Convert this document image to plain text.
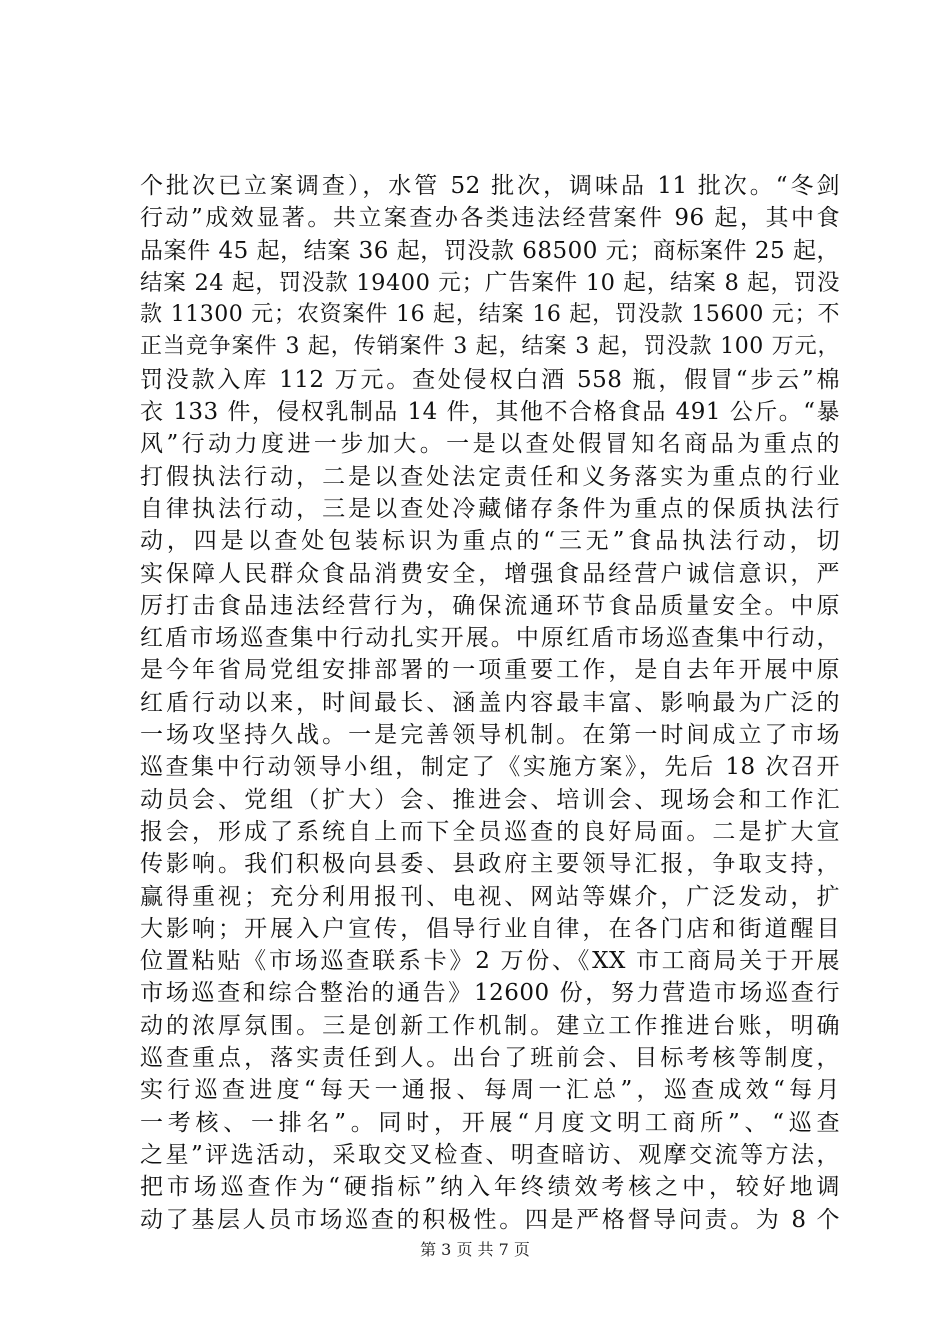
个批次已立案调查），水管 52 批次，调味品 11 批次。“冬剑
行动”成效显著。共立案查办各类违法经营案件 96 起，其中食
品案件 45 起，结案 36 起，罚没款 68500 元；商标案件 25 起，
结案 24 起，罚没款 19400 元；广告案件 10 起，结案 8 起，罚没
款 11300 元；农资案件 16 起，结案 16 起，罚没款 15600 元；不
正当竞争案件 3 起，传销案件 3 起，结案 3 起，罚没款 100 万元，
罚没款入库 112 万元。查处侵权白酒 558 瓶，假冒“步云”棉
衣 133 件，侵权乳制品 14 件，其他不合格食品 491 公斤。“暴
风”行动力度进一步加大。一是以查处假冒知名商品为重点的
打假执法行动，二是以查处法定责任和义务落实为重点的行业
自律执法行动，三是以查处冷藏储存条件为重点的保质执法行
动，四是以查处包装标识为重点的“三无”食品执法行动，切
实保障人民群众食品消费安全，增强食品经营户诚信意识，严
厉打击食品违法经营行为，确保流通环节食品质量安全。中原
红盾市场巡查集中行动扎实开展。中原红盾市场巡查集中行动，
是今年省局党组安排部署的一项重要工作，是自去年开展中原
红盾行动以来，时间最长、涵盖内容最丰富、影响最为广泛的
一场攻坚持久战。一是完善领导机制。在第一时间成立了市场
巡查集中行动领导小组，制定了《实施方案》，先后 18 次召开
动员会、党组（扩大）会、推进会、培训会、现场会和工作汇
报会，形成了系统自上而下全员巡查的良好局面。二是扩大宣
传影响。我们积极向县委、县政府主要领导汇报，争取支持，
赢得重视；充分利用报刊、电视、网站等媒介，广泛发动，扩
大影响；开展入户宣传，倡导行业自律，在各门店和街道醒目
位置粘贴《市场巡查联系卡》2 万份、《XX 市工商局关于开展
市场巡查和综合整治的通告》12600 份，努力营造市场巡查行
动的浓厚氛围。三是创新工作机制。建立工作推进台账，明确
巡查重点，落实责任到人。出台了班前会、目标考核等制度，
实行巡查进度“每天一通报、每周一汇总”，巡查成效“每月
一考核、一排名”。同时，开展“月度文明工商所”、“巡查
之星”评选活动，采取交叉检查、明查暗访、观摩交流等方法，
把市场巡查作为“硬指标”纳入年终绩效考核之中，较好地调
动了基层人员市场巡查的积极性。四是严格督导问责。为 8 个
第 3 页 共 7 页
